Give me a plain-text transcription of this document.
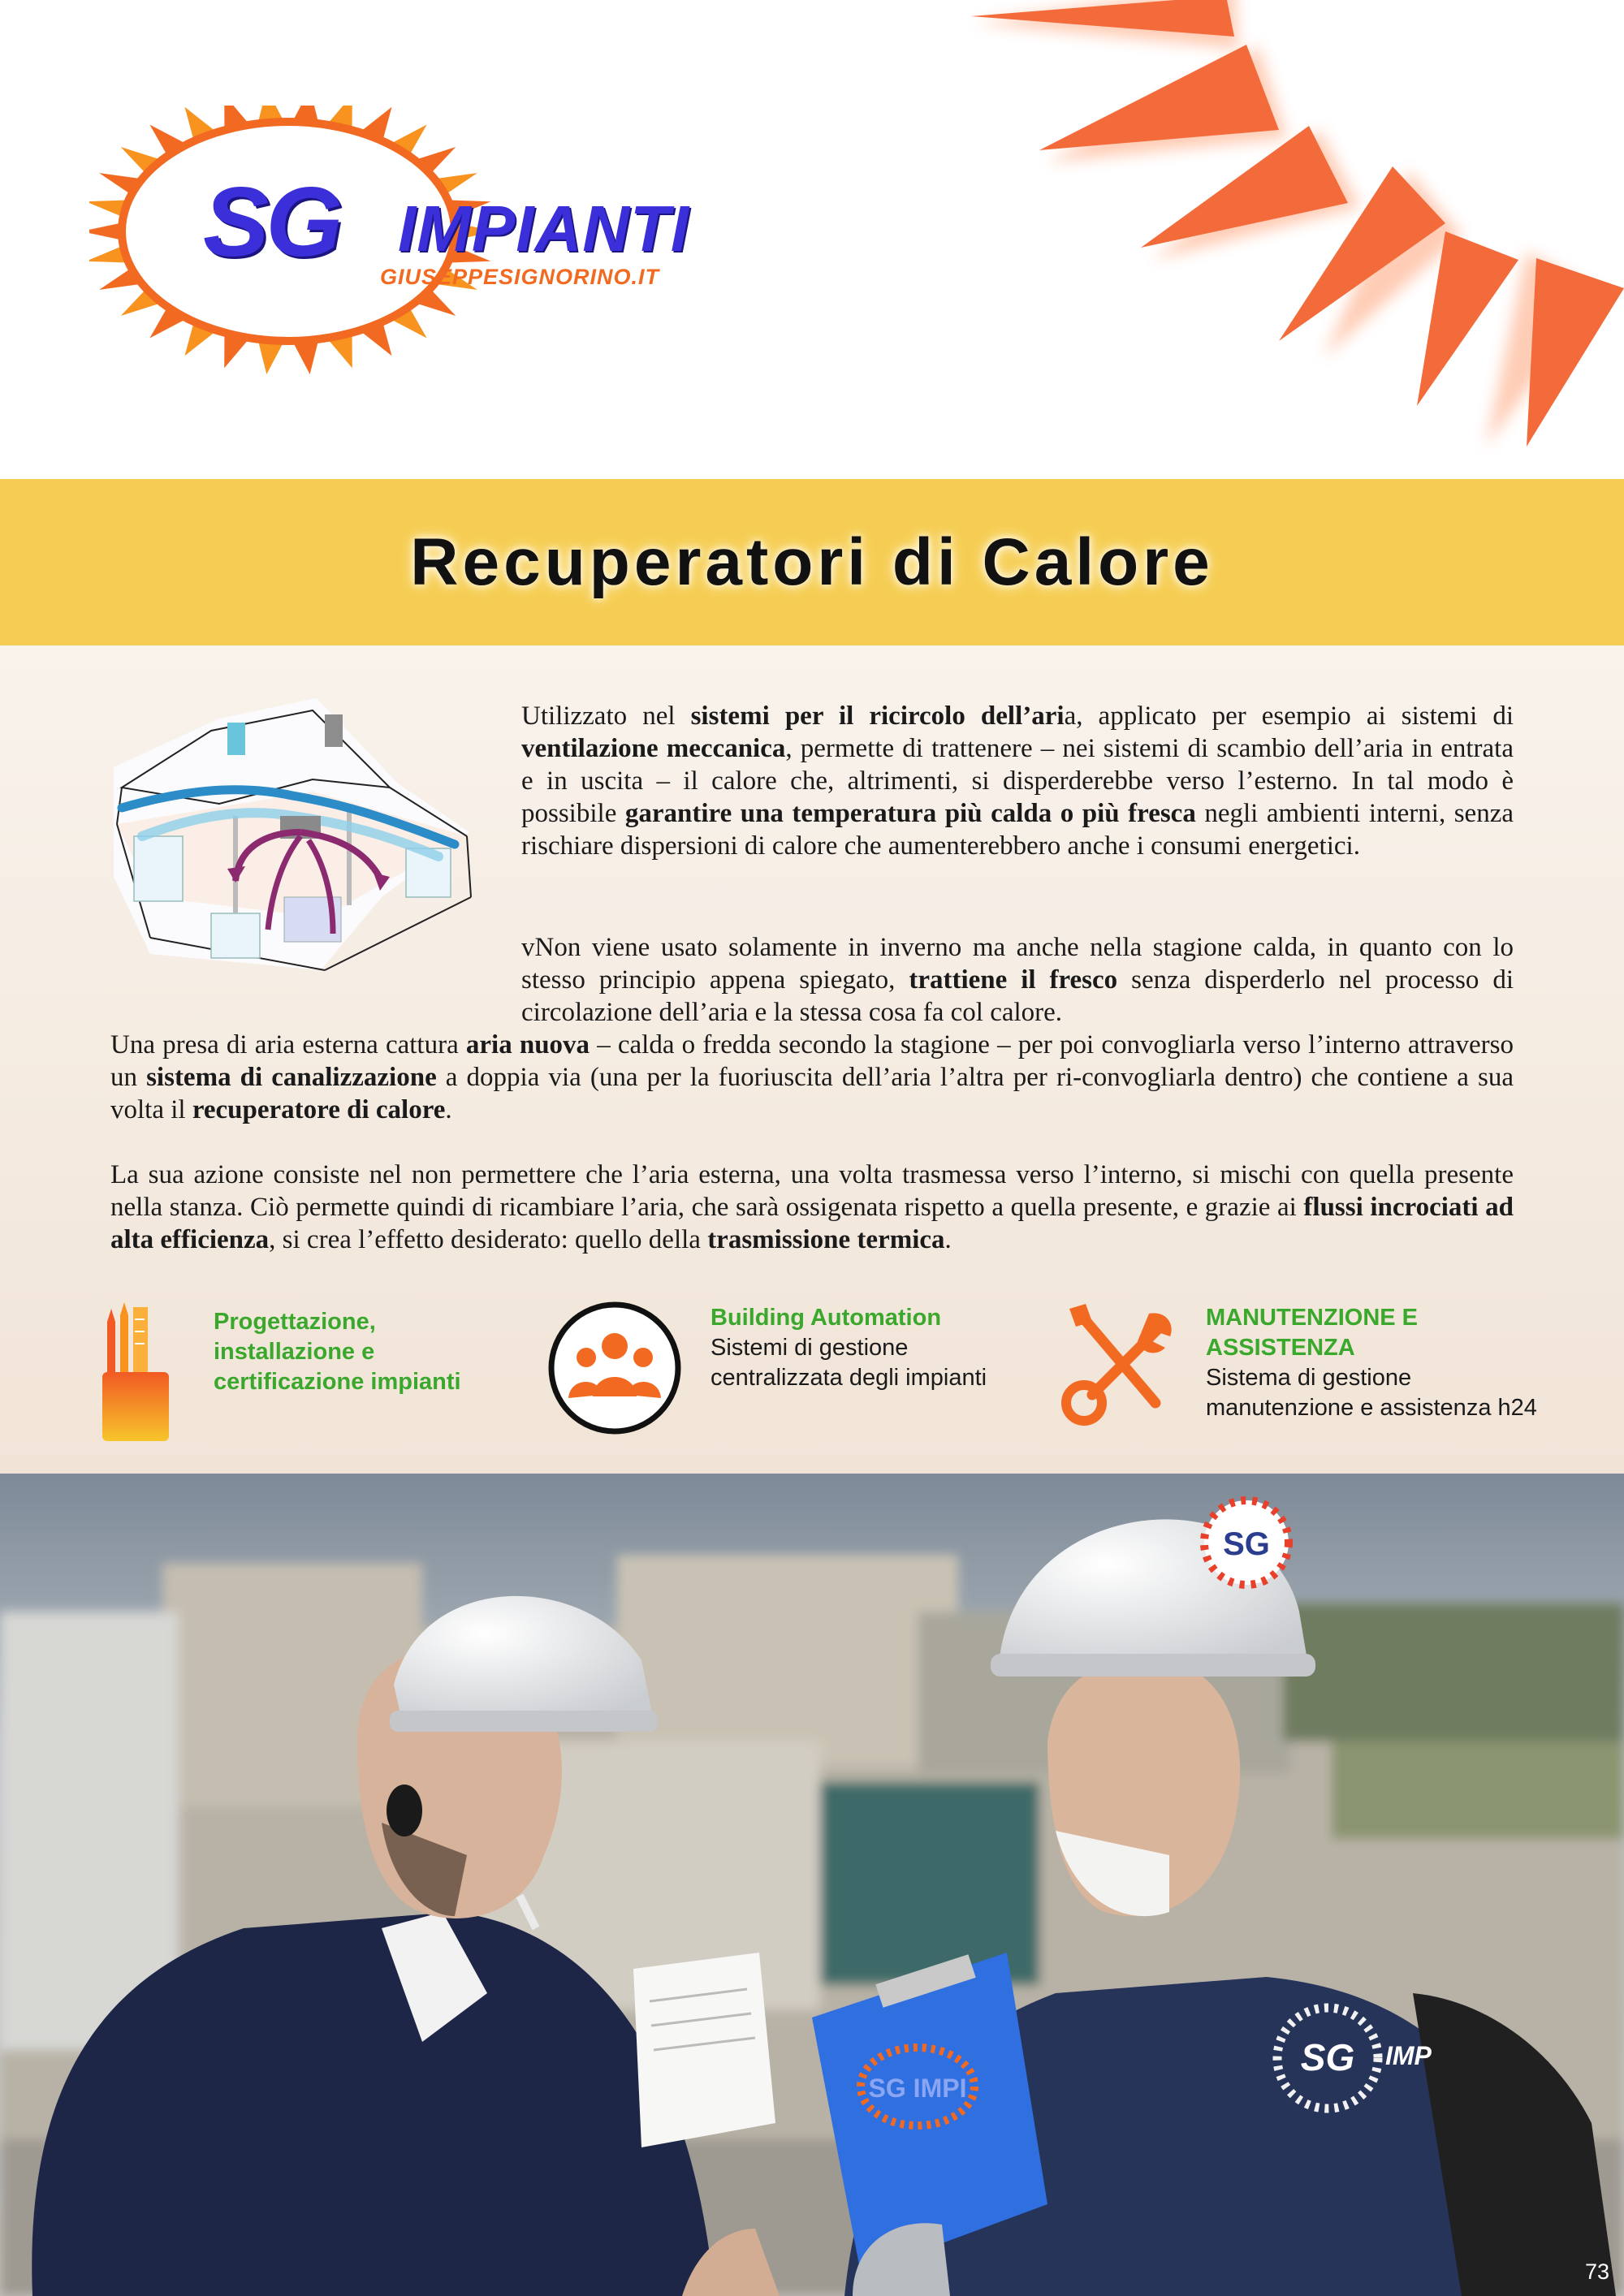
SG IMPIANTI
GIUSEPPESIGNORINO.IT
Recuperatori di Calore

Utilizzato nel sistemi per il ricircolo dell’aria, applicato per esempio ai sistemi di ventilazione meccanica, permette di trattenere – nei sistemi di scambio dell’aria in entrata e in uscita – il calore che, altrimenti, si disperderebbe verso l’esterno. In tal modo è possibile garantire una temperatura più calda o più fresca negli ambienti interni, senza rischiare dispersioni di calore che aumenterebbero anche i consumi energetici.

vNon viene usato solamente in inverno ma anche nella stagione calda, in quanto con lo stesso principio appena spiegato, trattiene il fresco senza disperderlo nel processo di circolazione dell’aria e la stessa cosa fa col calore.

Una presa di aria esterna cattura aria nuova – calda o fredda secondo la stagione – per poi convogliarla verso l’interno attraverso un sistema di canalizzazione a doppia via (una per la fuoriuscita dell’aria l’altra per ri-convogliarla dentro) che contiene a sua volta il recuperatore di calore.

La sua azione consiste nel non permettere che l’aria esterna, una volta trasmessa verso l’interno, si mischi con quella presente nella stanza. Ciò permette quindi di ricambiare l’aria, che sarà ossigenata rispetto a quella presente, e grazie ai flussi incrociati ad alta efficienza, si crea l’effetto desiderato: quello della trasmissione termica.

Progettazione,
installazione e
certificazione impianti
Building Automation
Sistemi di gestione
centralizzata degli impianti
MANUTENZIONE E
ASSISTENZA
Sistema di gestione
manutenzione e assistenza h24
SG
SG IMP
SG IMPI
73
